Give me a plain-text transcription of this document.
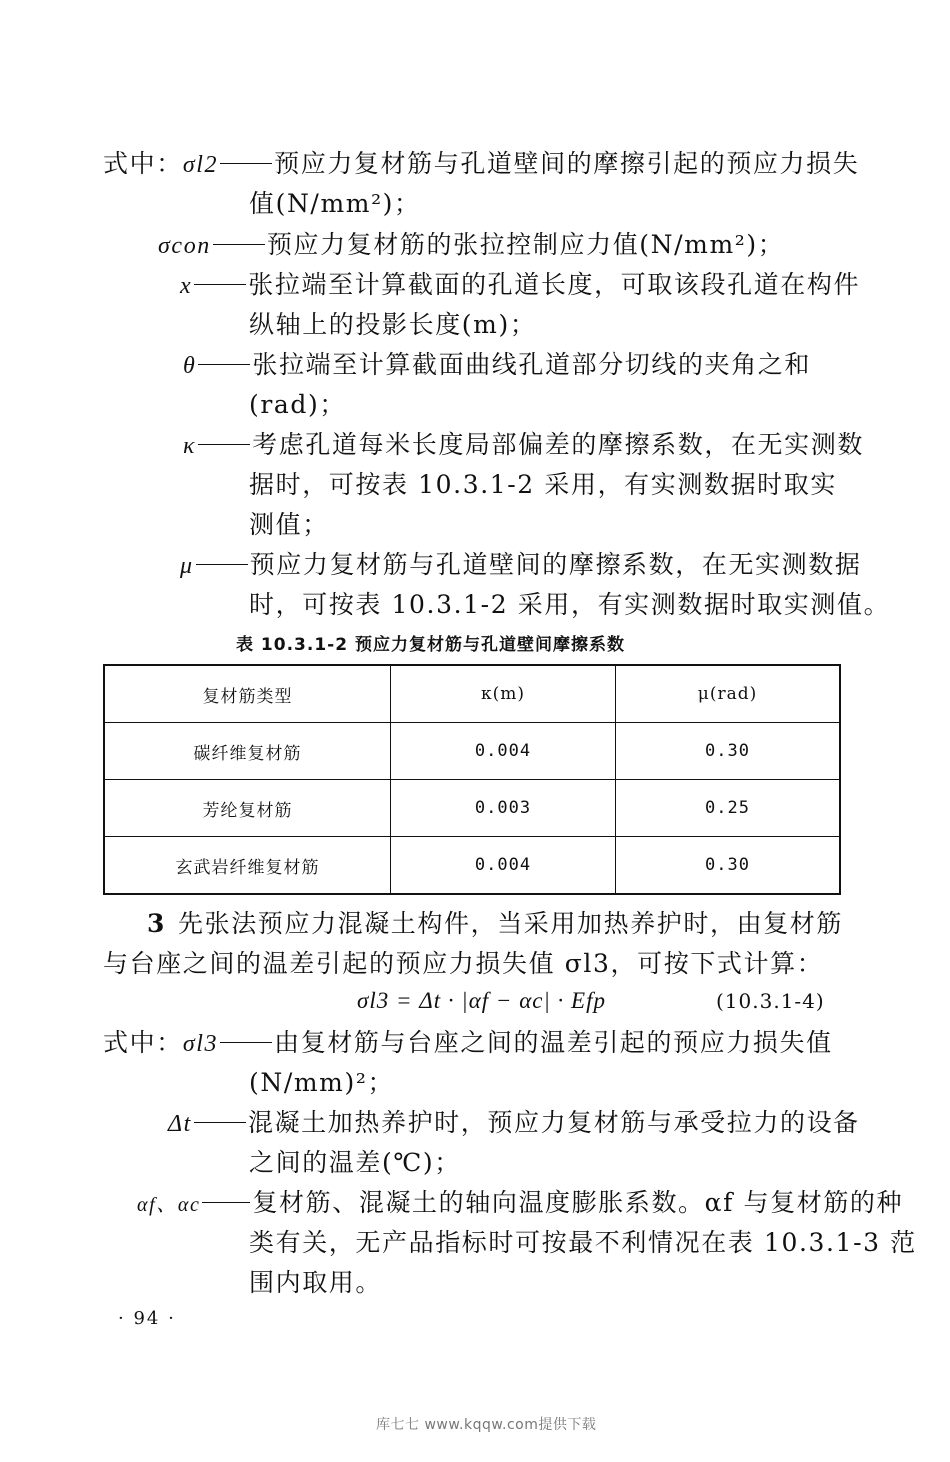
式中：σl2 预应力复材筋与孔道壁间的摩擦引起的预应力损失
值(N/mm²)；
σcon 预应力复材筋的张拉控制应力值(N/mm²)；
x 张拉端至计算截面的孔道长度，可取该段孔道在构件
纵轴上的投影长度(m)；
θ 张拉端至计算截面曲线孔道部分切线的夹角之和
(rad)；
κ 考虑孔道每米长度局部偏差的摩擦系数，在无实测数
据时，可按表 10.3.1-2 采用，有实测数据时取实
测值；
μ 预应力复材筋与孔道壁间的摩擦系数，在无实测数据
时，可按表 10.3.1-2 采用，有实测数据时取实测值。
表 10.3.1-2 预应力复材筋与孔道壁间摩擦系数
复材筋类型	κ(m)	μ(rad)
碳纤维复材筋	0.004	0.30
芳纶复材筋	0.003	0.25
玄武岩纤维复材筋	0.004	0.30
3 先张法预应力混凝土构件，当采用加热养护时，由复材筋
与台座之间的温差引起的预应力损失值 σl3，可按下式计算：
σl3 = Δt · |αf − αc| · Efp	(10.3.1-4)
式中：σl3 由复材筋与台座之间的温差引起的预应力损失值
(N/mm)²；
Δt 混凝土加热养护时，预应力复材筋与承受拉力的设备
之间的温差(℃)；
αf、αc 复材筋、混凝土的轴向温度膨胀系数。αf 与复材筋的种
类有关，无产品指标时可按最不利情况在表 10.3.1-3 范
围内取用。
· 94 ·
库七七 www.kqqw.com提供下载
